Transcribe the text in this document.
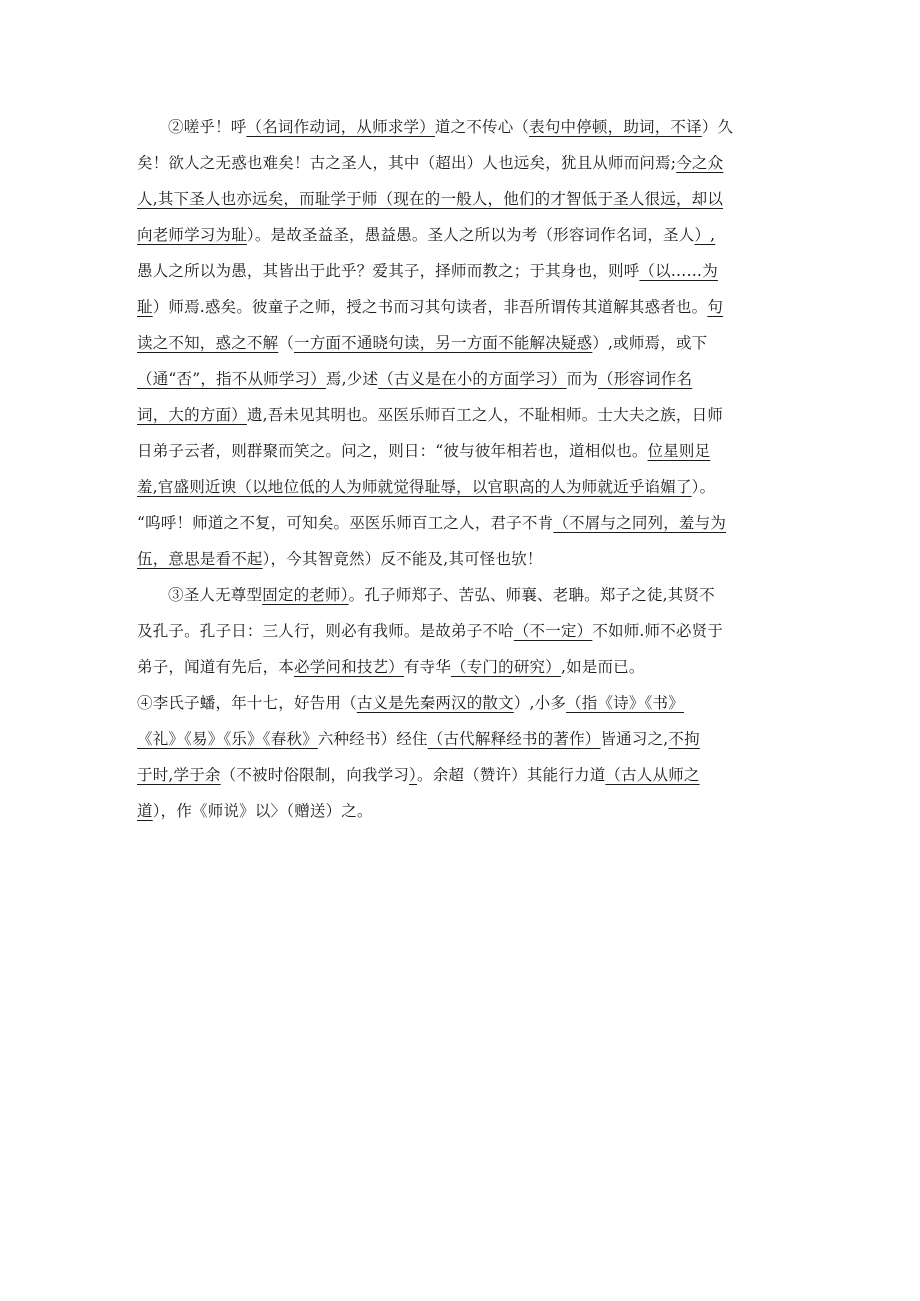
②嗟乎！呼（名词作动词，从师求学）道之不传心（表句中停顿，助词，不译）久
矣！欲人之无惑也难矣！古之圣人，其中（超出）人也远矣，犹且从师而问焉;今之众
人,其下圣人也亦远矣，而耻学于师（现在的一般人，他们的才智低于圣人很远，却以
向老师学习为耻）。是故圣益圣，愚益愚。圣人之所以为考（形容词作名词，圣人）,
愚人之所以为愚，其皆出于此乎？爱其子，择师而教之；于其身也，则呼（以……为
耻）师焉.惑矣。彼童子之师，授之书而习其句读者，非吾所谓传其道解其惑者也。句
读之不知，惑之不解（一方面不通晓句读，另一方面不能解决疑惑）,或师焉，或下
（通“否”，指不从师学习）焉,少述（古义是在小的方面学习）而为（形容词作名
词，大的方面）遗,吾未见其明也。巫医乐师百工之人，不耻相师。士大夫之族，日师
日弟子云者，则群聚而笑之。问之，则日：“彼与彼年相若也，道相似也。位星则足
羞,官盛则近谀（以地位低的人为师就觉得耻辱，以官职高的人为师就近乎谄媚了）。
“呜呼！师道之不复，可知矣。巫医乐师百工之人，君子不肯（不屑与之同列，羞与为
伍，意思是看不起），今其智竟然）反不能及,其可怪也欤！
③圣人无尊型固定的老师）。孔子师郑子、苦弘、师襄、老聃。郑子之徒,其贤不
及孔子。孔子日：三人行，则必有我师。是故弟子不哈（不一定）不如师.师不必贤于
弟子，闻道有先后，本必学问和技艺）有寺华（专门的研究）,如是而已。
④李氏子蟠，年十七，好告用（古义是先秦两汉的散文）,小多（指《诗》《书》
《礼》《易》《乐》《春秋》六种经书）经住（古代解释经书的著作）皆通习之,不拘
于时,学于余（不被时俗限制，向我学习）。余超（赞许）其能行力道（古人从师之
道），作《师说》以〉（赠送）之。
